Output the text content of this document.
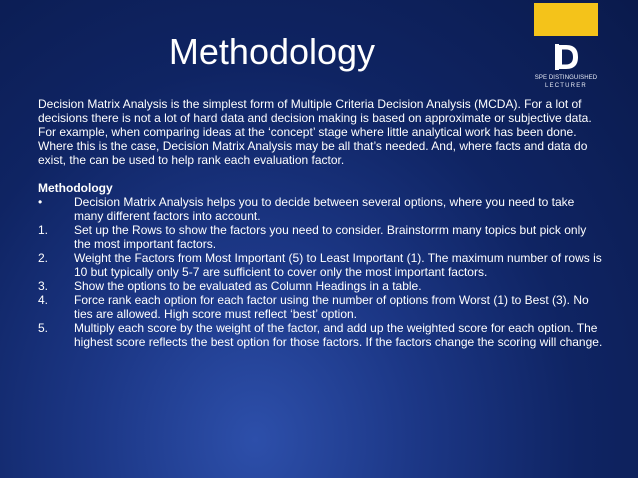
Methodology
SPE DISTINGUISHED
LECTURER

Decision Matrix Analysis is the simplest form of Multiple Criteria Decision Analysis (MCDA). For a lot of decisions there is not a lot of hard data and decision making is based on approximate or subjective data. For example, when comparing ideas at the ‘concept’ stage where little analytical work has been done. Where this is the case, Decision Matrix Analysis may be all that’s needed. And, where facts and data do exist, the can be used to help rank each evaluation factor.

Methodology

•	Decision Matrix Analysis helps you to decide between several options, where you need to take many different factors into account.
1. Set up the Rows to show the factors you need to consider. Brainstorrm many topics but pick only the most important factors.
2. Weight the Factors from Most Important (5) to Least Important (1). The maximum number of rows is 10 but typically only 5-7 are sufficient to cover only the most important factors.
3. Show the options to be evaluated as Column Headings in a table.
4. Force rank each option for each factor using the number of options from Worst (1) to Best (3). No ties are allowed. High score must reflect ‘best’ option.
5. Multiply each score by the weight of the factor, and add up the weighted score for each option. The highest score reflects the best option for those factors. If the factors change the scoring will change.
